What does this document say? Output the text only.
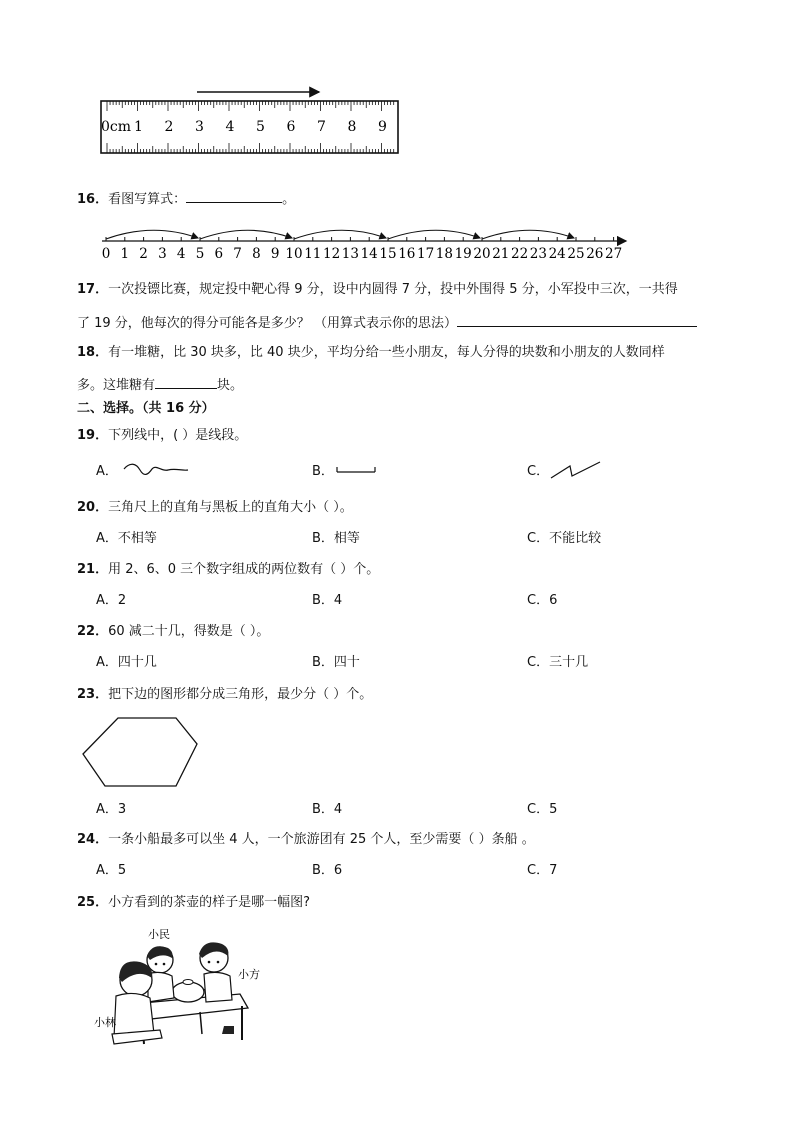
0cm 1 2 3 4 5 6 7 8 9
16．看图写算式：	。
0 1 2 3 4 5 6 7 8 9 10 11 12 13 14 15 16 17 18 19 20 21 22 23 24 25 26 27
17．一次投镖比赛，规定投中靶心得 9 分，设中内圆得 7 分，投中外围得 5 分，小军投中三次，一共得
了 19 分，他每次的得分可能各是多少？ （用算式表示你的思法）
18．有一堆糖，比 30 块多，比 40 块少，平均分给一些小朋友，每人分得的块数和小朋友的人数同样
多。这堆糖有	块。
二、选择。（共 16 分）
19．下列线中，( ）是线段。
A．	B．	C．
20．三角尺上的直角与黑板上的直角大小（ ）。
A．不相等	B．相等	C．不能比较
21．用 2、6、0 三个数字组成的两位数有（ ）个。
A．2	B．4	C．6
22．60 减二十几，得数是（ ）。
A．四十几	B．四十	C．三十几
23．把下边的图形都分成三角形，最少分（ ）个。
A．3	B．4	C．5
24．一条小船最多可以坐 4 人，一个旅游团有 25 个人，至少需要（ ）条船 。
A．5	B．6	C．7
25．小方看到的茶壶的样子是哪一幅图?
小民
小方
小林
